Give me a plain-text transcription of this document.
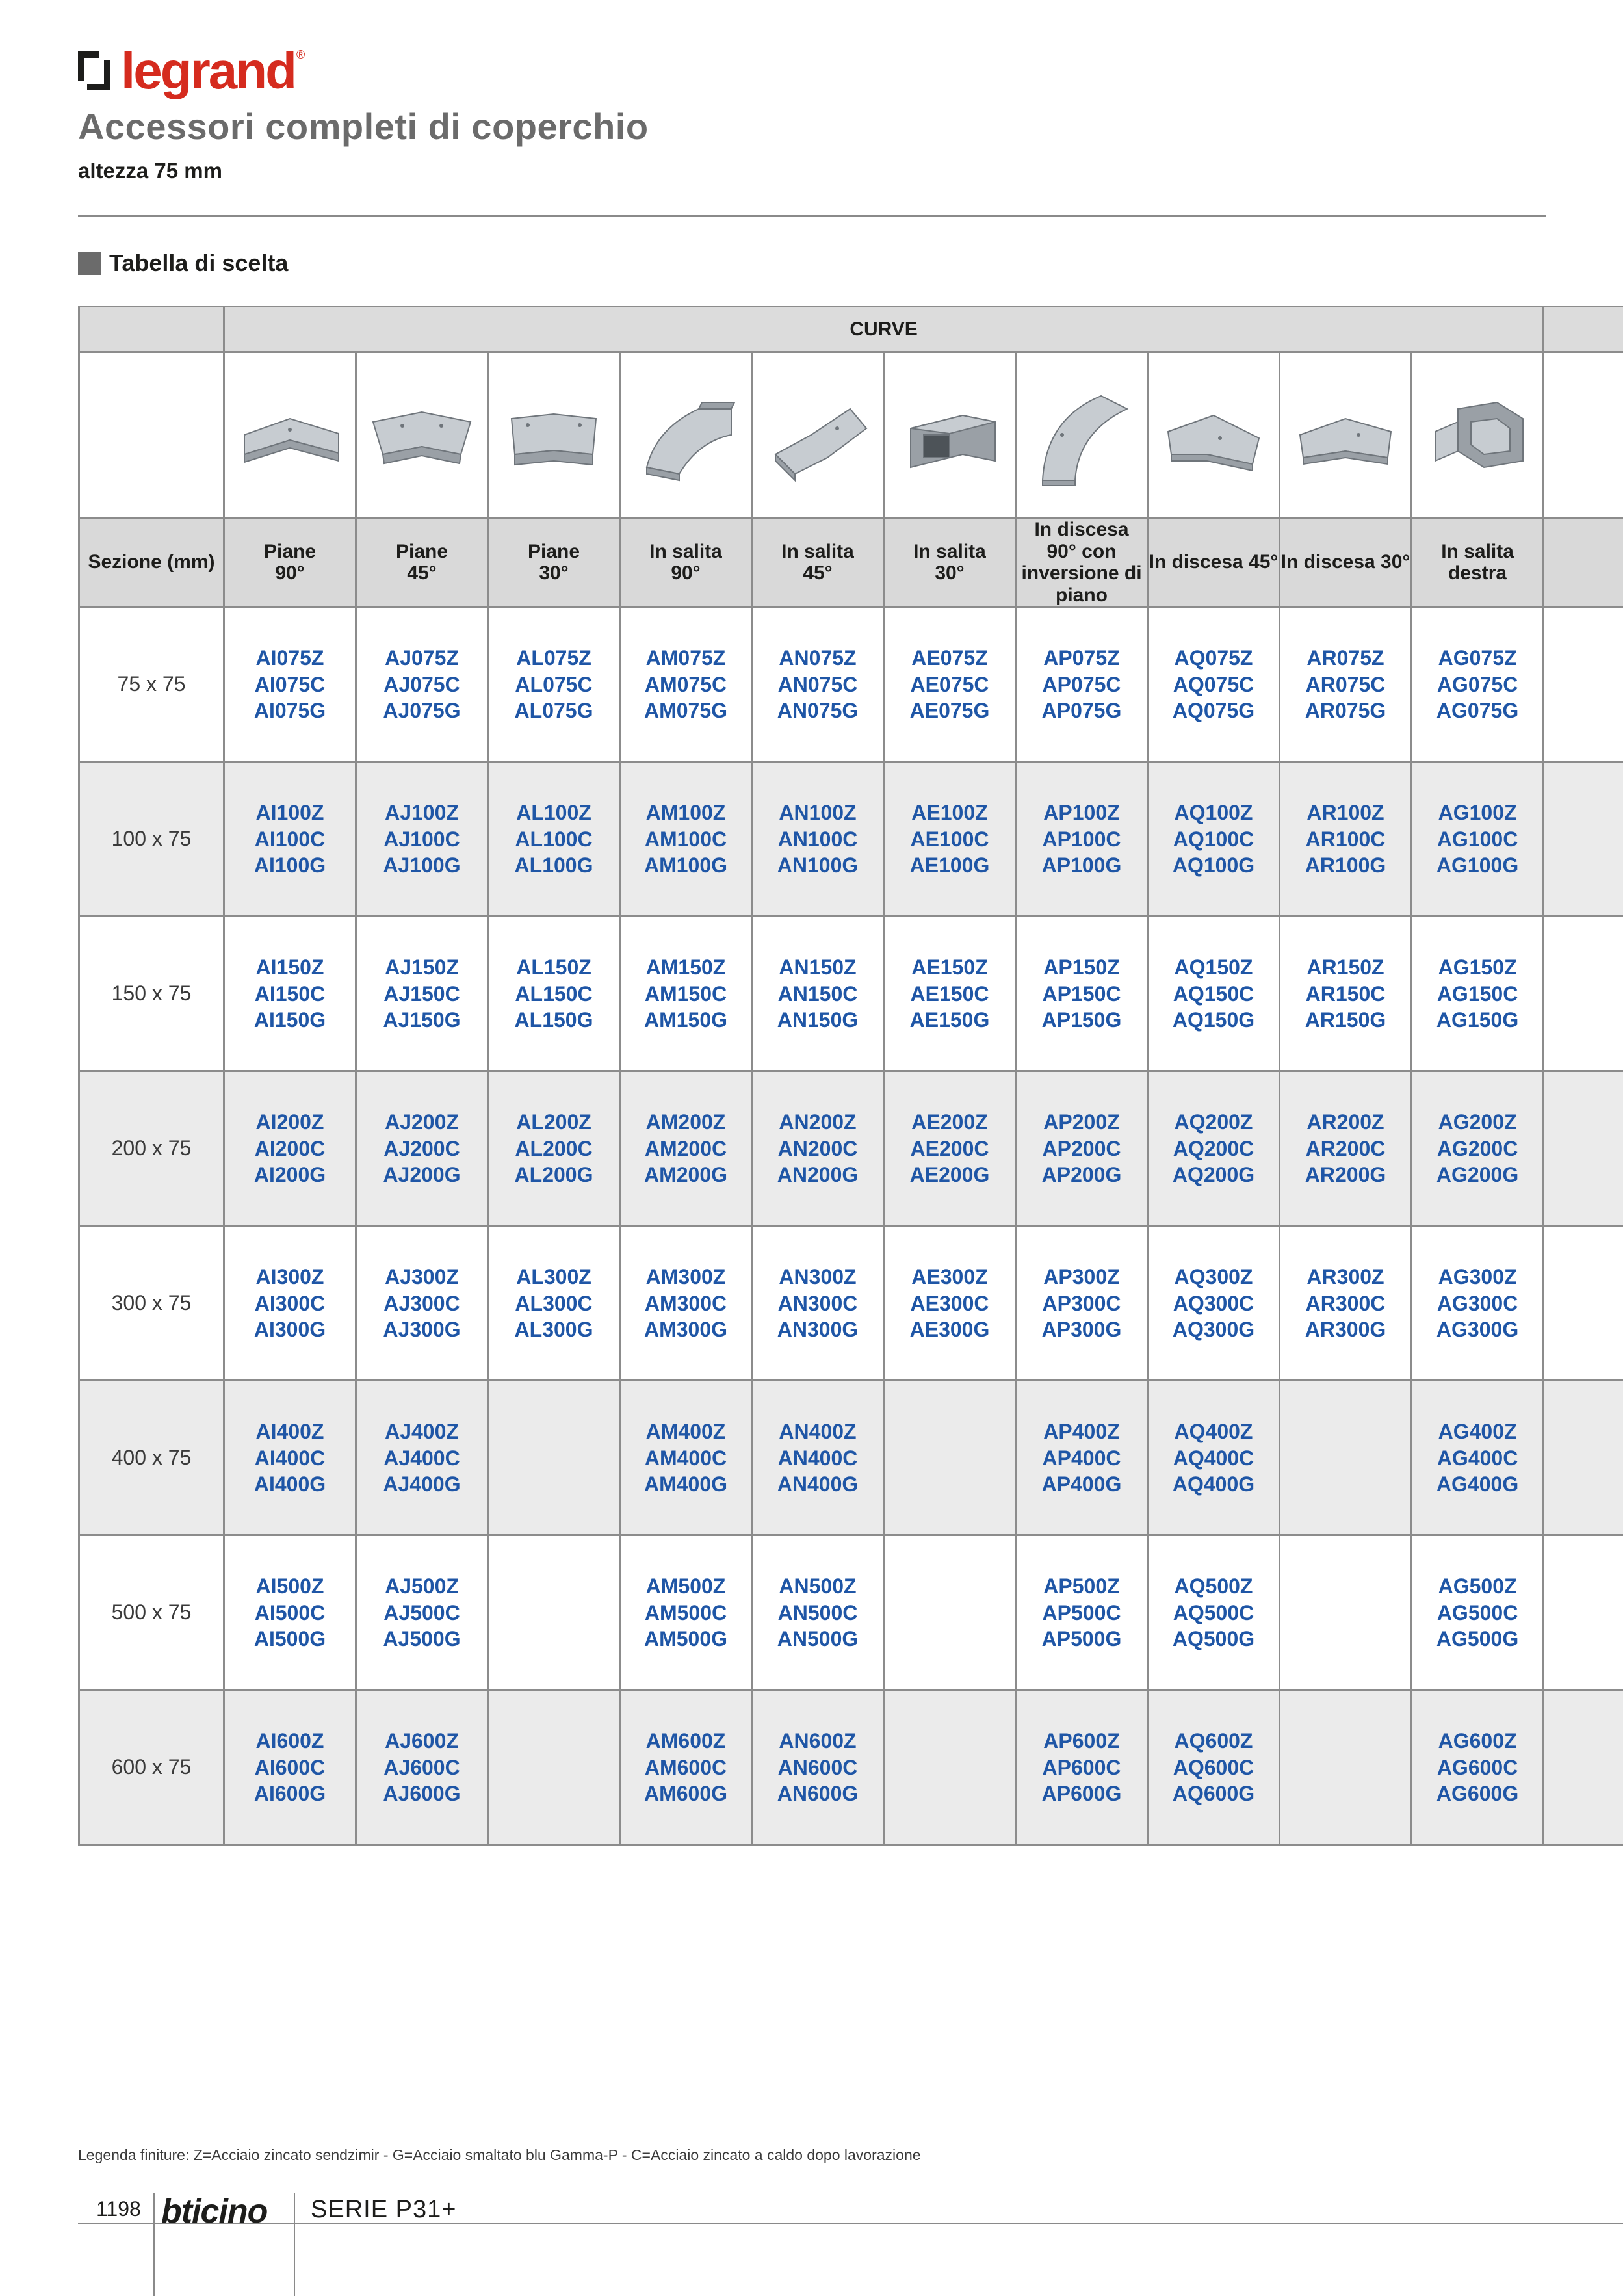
legrand ®
Accessori completi di coperchio
altezza 75 mm
Tabella di scelta
	CURVE										

Sezione (mm)	Piane
90°	Piane
45°	Piane
30°	In salita
90°	In salita
45°	In salita
30°	In discesa
90° con
inversione di
piano	In discesa 45°	In discesa 30°	In salita
destra	
75 x 75	AI075Z
AI075C
AI075G	AJ075Z
AJ075C
AJ075G	AL075Z
AL075C
AL075G	AM075Z
AM075C
AM075G	AN075Z
AN075C
AN075G	AE075Z
AE075C
AE075G	AP075Z
AP075C
AP075G	AQ075Z
AQ075C
AQ075G	AR075Z
AR075C
AR075G	AG075Z
AG075C
AG075G	

100 x 75	AI100Z
AI100C
AI100G	AJ100Z
AJ100C
AJ100G	AL100Z
AL100C
AL100G	AM100Z
AM100C
AM100G	AN100Z
AN100C
AN100G	AE100Z
AE100C
AE100G	AP100Z
AP100C
AP100G	AQ100Z
AQ100C
AQ100G	AR100Z
AR100C
AR100G	AG100Z
AG100C
AG100G	

150 x 75	AI150Z
AI150C
AI150G	AJ150Z
AJ150C
AJ150G	AL150Z
AL150C
AL150G	AM150Z
AM150C
AM150G	AN150Z
AN150C
AN150G	AE150Z
AE150C
AE150G	AP150Z
AP150C
AP150G	AQ150Z
AQ150C
AQ150G	AR150Z
AR150C
AR150G	AG150Z
AG150C
AG150G	

200 x 75	AI200Z
AI200C
AI200G	AJ200Z
AJ200C
AJ200G	AL200Z
AL200C
AL200G	AM200Z
AM200C
AM200G	AN200Z
AN200C
AN200G	AE200Z
AE200C
AE200G	AP200Z
AP200C
AP200G	AQ200Z
AQ200C
AQ200G	AR200Z
AR200C
AR200G	AG200Z
AG200C
AG200G	

300 x 75	AI300Z
AI300C
AI300G	AJ300Z
AJ300C
AJ300G	AL300Z
AL300C
AL300G	AM300Z
AM300C
AM300G	AN300Z
AN300C
AN300G	AE300Z
AE300C
AE300G	AP300Z
AP300C
AP300G	AQ300Z
AQ300C
AQ300G	AR300Z
AR300C
AR300G	AG300Z
AG300C
AG300G	

400 x 75	AI400Z
AI400C
AI400G	AJ400Z
AJ400C
AJ400G		AM400Z
AM400C
AM400G	AN400Z
AN400C
AN400G		AP400Z
AP400C
AP400G	AQ400Z
AQ400C
AQ400G		AG400Z
AG400C
AG400G	

500 x 75	AI500Z
AI500C
AI500G	AJ500Z
AJ500C
AJ500G		AM500Z
AM500C
AM500G	AN500Z
AN500C
AN500G		AP500Z
AP500C
AP500G	AQ500Z
AQ500C
AQ500G		AG500Z
AG500C
AG500G	

600 x 75	AI600Z
AI600C
AI600G	AJ600Z
AJ600C
AJ600G		AM600Z
AM600C
AM600G	AN600Z
AN600C
AN600G		AP600Z
AP600C
AP600G	AQ600Z
AQ600C
AQ600G		AG600Z
AG600C
AG600G	

Legenda finiture: Z=Acciaio zincato sendzimir - G=Acciaio smaltato blu Gamma-P - C=Acciaio zincato a caldo dopo lavorazione
1198 bticino SERIE P31+
